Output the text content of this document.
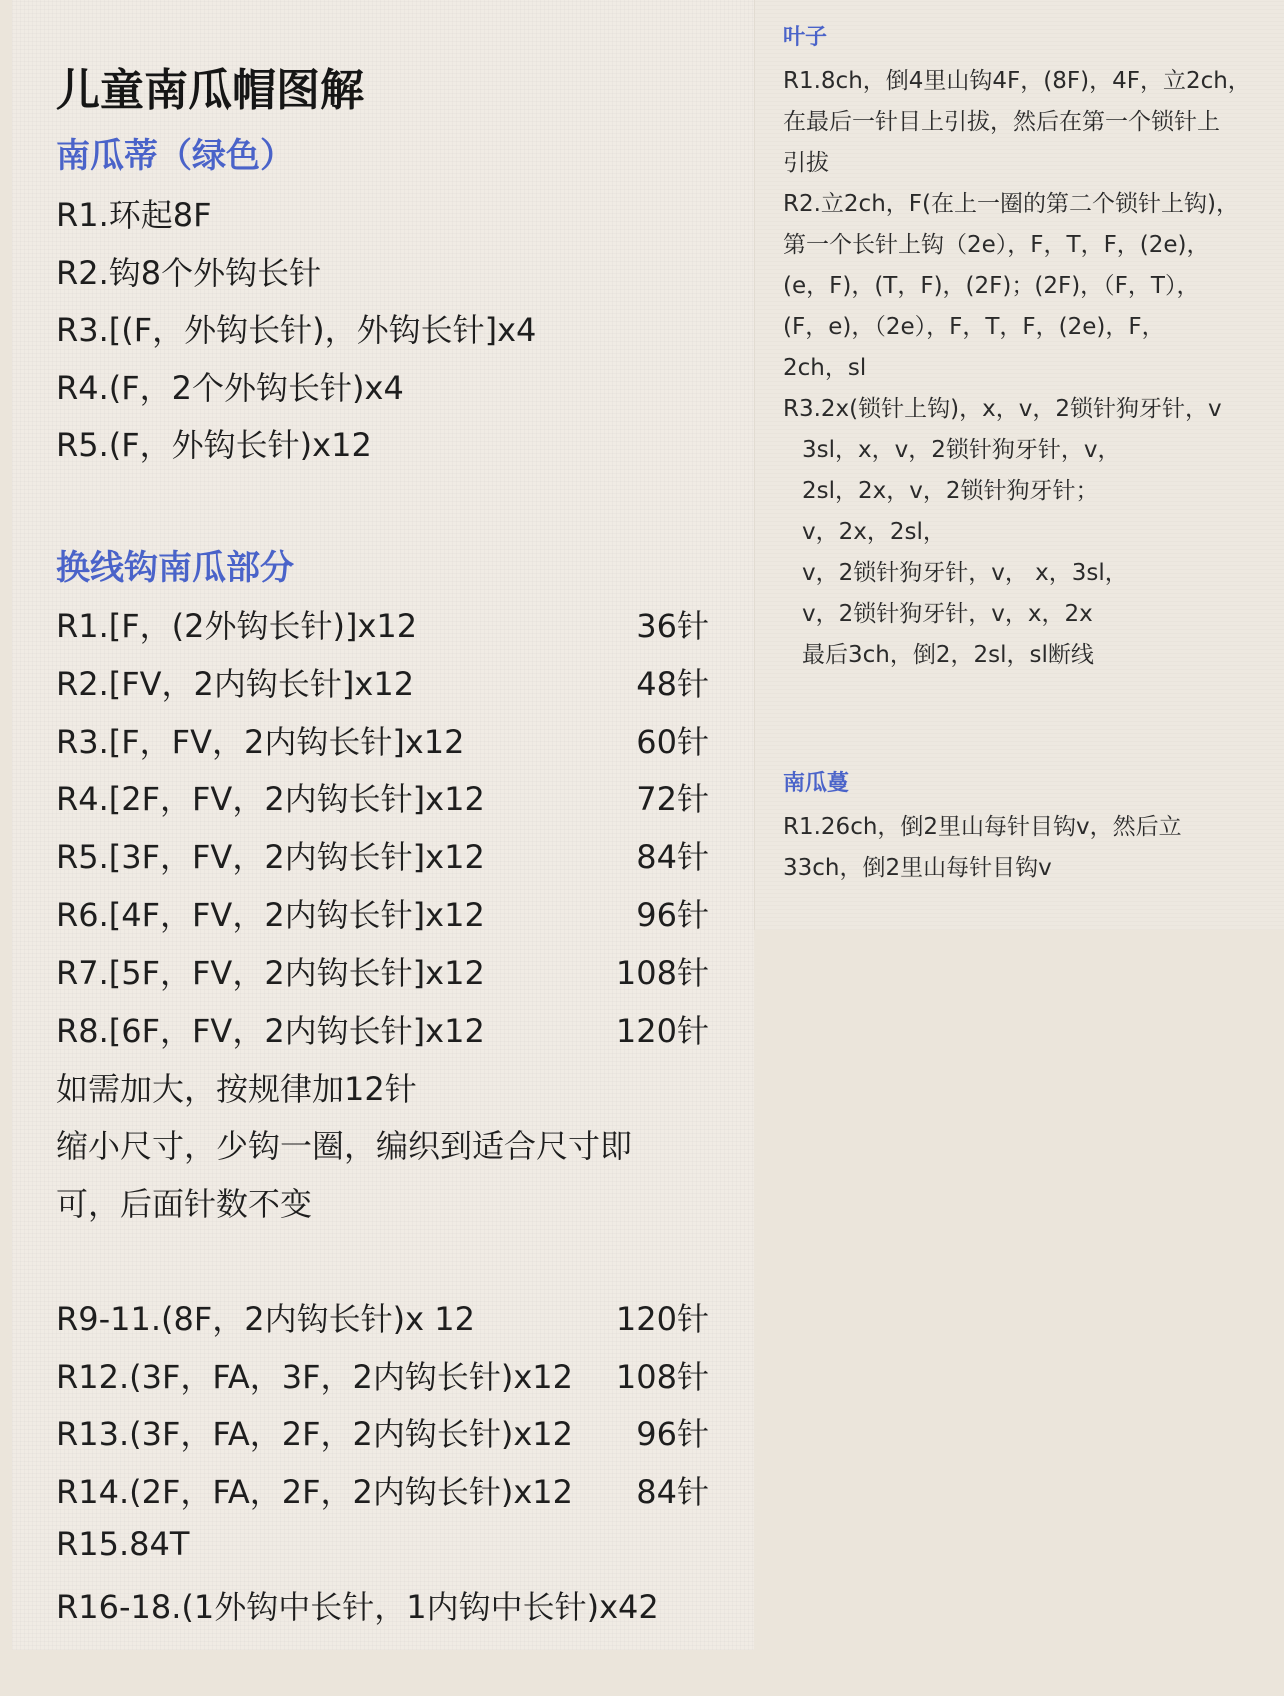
儿童南瓜帽图解
南瓜蒂（绿色）
R1.环起8F
R2.钩8个外钩长针
R3.[(F，外钩长针)，外钩长针]x4
R4.(F，2个外钩长针)x4
R5.(F，外钩长针)x12
换线钩南瓜部分
R1.[F，(2外钩长针)]x12	36针
R2.[FV，2内钩长针]x12	48针
R3.[F，FV，2内钩长针]x12	60针
R4.[2F，FV，2内钩长针]x12	72针
R5.[3F，FV，2内钩长针]x12	84针
R6.[4F，FV，2内钩长针]x12	96针
R7.[5F，FV，2内钩长针]x12	108针
R8.[6F，FV，2内钩长针]x12	120针
如需加大，按规律加12针
缩小尺寸，少钩一圈，编织到适合尺寸即
可，后面针数不变
R9-11.(8F，2内钩长针)x 12	120针
R12.(3F，FA，3F，2内钩长针)x12 108针
R13.(3F，FA，2F，2内钩长针)x12 96针
R14.(2F，FA，2F，2内钩长针)x12 84针
R15.84T
R16-18.(1外钩中长针，1内钩中长针)x42
叶子
R1.8ch，倒4里山钩4F，(8F)，4F，立2ch，
在最后一针目上引拔，然后在第一个锁针上
引拔
R2.立2ch，F(在上一圈的第二个锁针上钩)，
第一个长针上钩（2e），F，T，F，(2e)，
(e，F)，(T，F)，(2F)；(2F)，（F，T），
(F，e)，（2e），F，T，F，(2e)，F，
2ch，sl
R3.2x(锁针上钩)，x，v，2锁针狗牙针，v
3sl，x，v，2锁针狗牙针，v，
2sl，2x，v，2锁针狗牙针；
v，2x，2sl，
v，2锁针狗牙针，v， x，3sl，
v，2锁针狗牙针，v，x，2x
最后3ch，倒2，2sl，sl断线
南瓜蔓
R1.26ch，倒2里山每针目钩v，然后立
33ch，倒2里山每针目钩v
